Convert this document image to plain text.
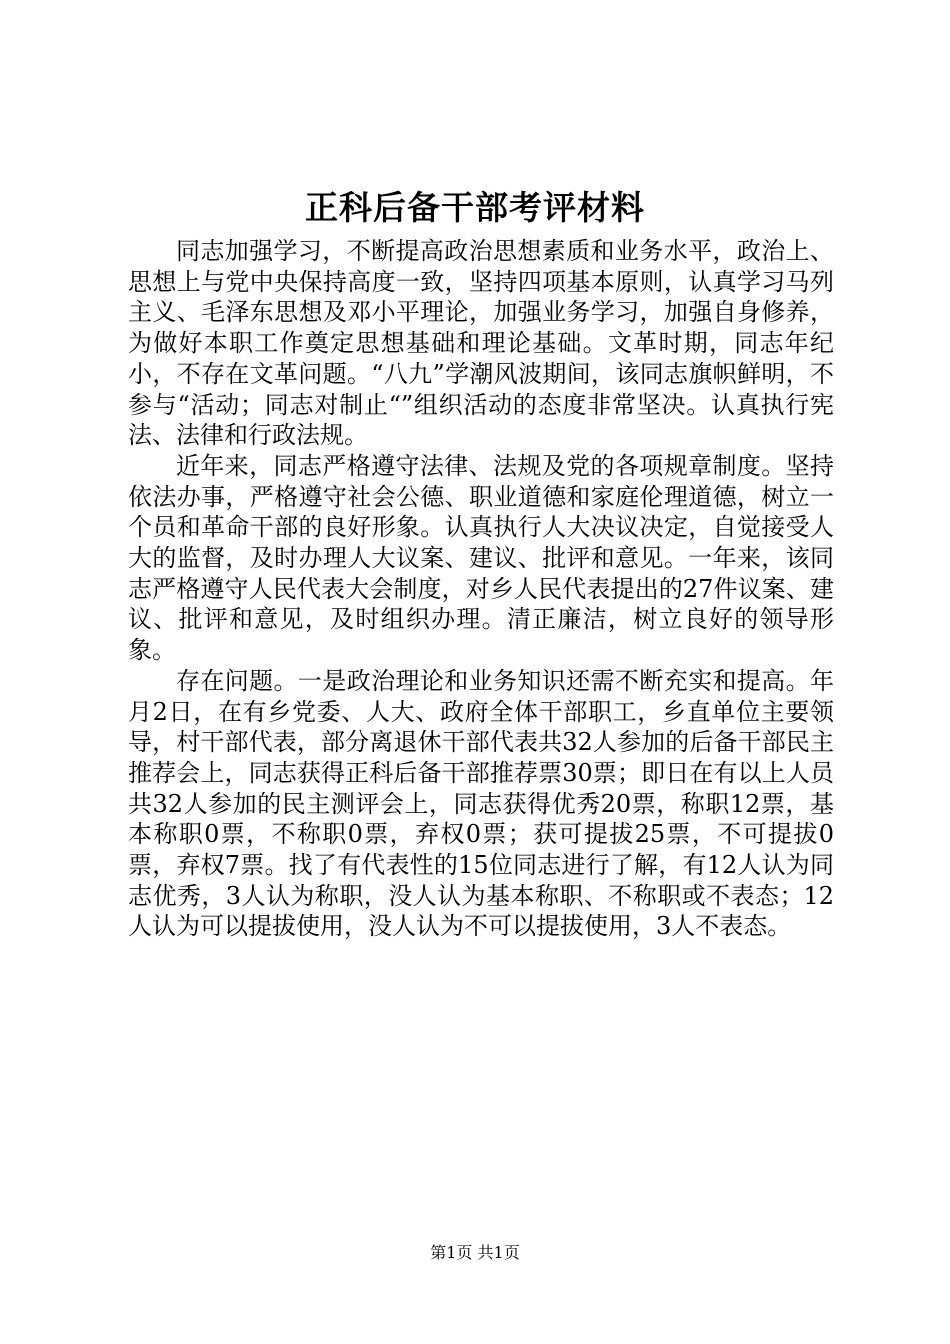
正科后备干部考评材料

同志加强学习，不断提高政治思想素质和业务水平，政治上、思想上与党中央保持高度一致，坚持四项基本原则，认真学习马列主义、毛泽东思想及邓小平理论，加强业务学习，加强自身修养，为做好本职工作奠定思想基础和理论基础。文革时期，同志年纪小，不存在文革问题。“八九”学潮风波期间，该同志旗帜鲜明，不参与“活动；同志对制止“”组织活动的态度非常坚决。认真执行宪法、法律和行政法规。

近年来，同志严格遵守法律、法规及党的各项规章制度。坚持依法办事，严格遵守社会公德、职业道德和家庭伦理道德，树立一个员和革命干部的良好形象。认真执行人大决议决定，自觉接受人大的监督，及时办理人大议案、建议、批评和意见。一年来，该同志严格遵守人民代表大会制度，对乡人民代表提出的27件议案、建议、批评和意见，及时组织办理。清正廉洁，树立良好的领导形象。

存在问题。一是政治理论和业务知识还需不断充实和提高。年月2日，在有乡党委、人大、政府全体干部职工，乡直单位主要领导，村干部代表，部分离退休干部代表共32人参加的后备干部民主推荐会上，同志获得正科后备干部推荐票30票；即日在有以上人员共32人参加的民主测评会上，同志获得优秀20票，称职12票，基本称职0票，不称职0票，弃权0票；获可提拔25票，不可提拔0票，弃权7票。找了有代表性的15位同志进行了解，有12人认为同志优秀，3人认为称职，没人认为基本称职、不称职或不表态；12人认为可以提拔使用，没人认为不可以提拔使用，3人不表态。

第1页 共1页
